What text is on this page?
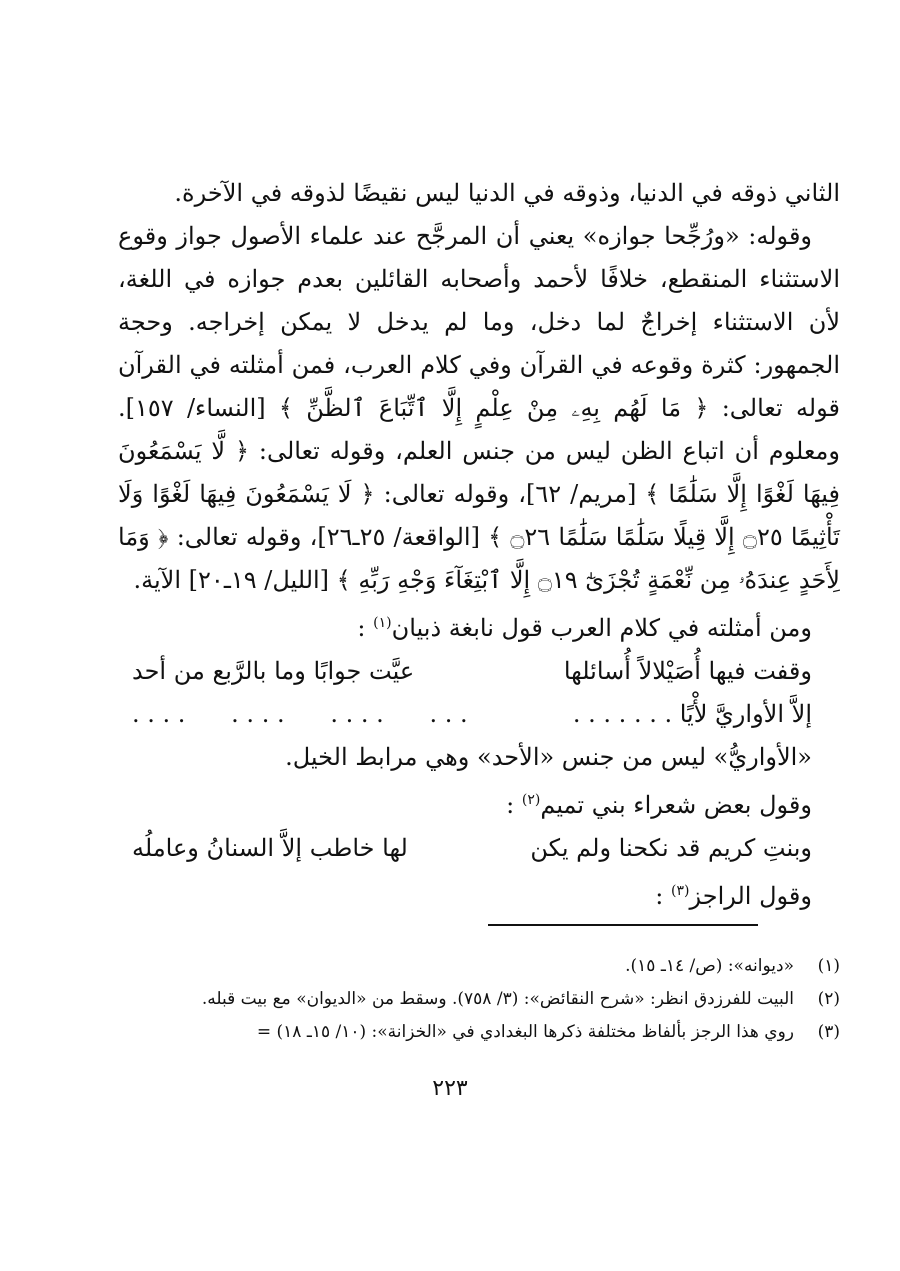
الثاني ذوقه في الدنيا، وذوقه في الدنيا ليس نقيضًا لذوقه في الآخرة.

وقوله: «ورُجِّحا جوازه» يعني أن المرجَّح عند علماء الأصول جواز وقوع الاستثناء المنقطع، خلافًا لأحمد وأصحابه القائلين بعدم جوازه في اللغة، لأن الاستثناء إخراجٌ لما دخل، وما لم يدخل لا يمكن إخراجه. وحجة الجمهور: كثرة وقوعه في القرآن وفي كلام العرب، فمن أمثلته في القرآن قوله تعالى: ﴿ مَا لَهُم بِهِۦ مِنْ عِلْمٍ إِلَّا ٱتِّبَاعَ ٱلظَّنِّ ﴾ [النساء/ ١٥٧]. ومعلوم أن اتباع الظن ليس من جنس العلم، وقوله تعالى: ﴿ لَّا يَسْمَعُونَ فِيهَا لَغْوًا إِلَّا سَلَٰمًا ﴾ [مريم/ ٦٢]، وقوله تعالى: ﴿ لَا يَسْمَعُونَ فِيهَا لَغْوًا وَلَا تَأْثِيمًا ۝٢٥ إِلَّا قِيلًا سَلَٰمًا سَلَٰمًا ۝٢٦ ﴾ [الواقعة/ ٢٥ـ٢٦]، وقوله تعالى: ﴿ وَمَا لِأَحَدٍ عِندَهُۥ مِن نِّعْمَةٍ تُجْزَىٰٓ ۝١٩ إِلَّا ٱبْتِغَآءَ وَجْهِ رَبِّهِ ﴾ [الليل/ ١٩ـ٢٠] الآية.

ومن أمثلته في كلام العرب قول نابغة ذبيان$^{(١)}$ :

وقفت فيها أُصَيْلالاً أُسائلها
عيَّت جوابًا وما بالرَّبع من أحد
إلاَّ الأواريَّ لأْيًا . . . . . . .
. . .      . . . .      . . . .      . . . .

«الأواريُّ» ليس من جنس «الأحد» وهي مرابط الخيل.

وقول بعض شعراء بني تميم$^{(٢)}$ :

وبنتِ كريم قد نكحنا ولم يكن
لها خاطب إلاَّ السنانُ وعاملُه

وقول الراجز$^{(٣)}$ :

(١)
«ديوانه»: (ص/ ١٤ـ ١٥).
(٢)
البيت للفرزدق انظر: «شرح النقائض»: (٣/ ٧٥٨). وسقط من «الديوان» مع بيت قبله.
(٣)
روي هذا الرجز بألفاظ مختلفة ذكرها البغدادي في «الخزانة»: (١٠/ ١٥ـ ١٨) =
٢٢٣
